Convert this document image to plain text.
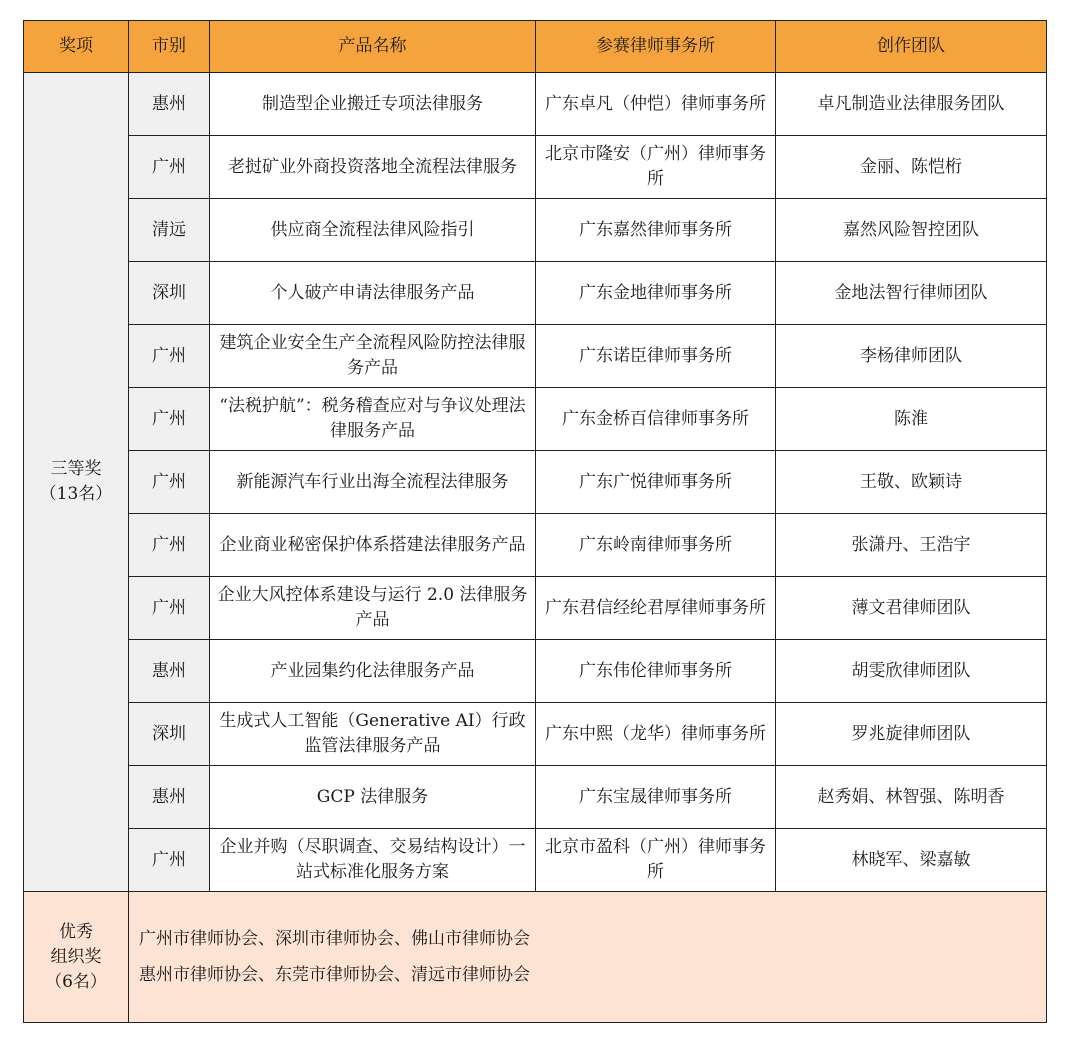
奖项	市别	产品名称	参赛律师事务所	创作团队

三等奖
（13名）	惠州	制造型企业搬迁专项法律服务	广东卓凡（仲恺）律师事务所	卓凡制造业法律服务团队
	广州	老挝矿业外商投资落地全流程法律服务	北京市隆安（广州）律师事务所	金丽、陈恺桁
	清远	供应商全流程法律风险指引	广东嘉然律师事务所	嘉然风险智控团队
	深圳	个人破产申请法律服务产品	广东金地律师事务所	金地法智行律师团队
	广州	建筑企业安全生产全流程风险防控法律服务产品	广东诺臣律师事务所	李杨律师团队
	广州	“法税护航”：税务稽查应对与争议处理法律服务产品	广东金桥百信律师事务所	陈淮
	广州	新能源汽车行业出海全流程法律服务	广东广悦律师事务所	王敬、欧颖诗
	广州	企业商业秘密保护体系搭建法律服务产品	广东岭南律师事务所	张潇丹、王浩宇
	广州	企业大风控体系建设与运行 2.0 法律服务产品	广东君信经纶君厚律师事务所	薄文君律师团队
	惠州	产业园集约化法律服务产品	广东伟伦律师事务所	胡雯欣律师团队
	深圳	生成式人工智能（Generative AI）行政监管法律服务产品	广东中熙（龙华）律师事务所	罗兆旋律师团队
	惠州	GCP 法律服务	广东宝晟律师事务所	赵秀娟、林智强、陈明香
	广州	企业并购（尽职调查、交易结构设计）一站式标准化服务方案	北京市盈科（广州）律师事务所	林晓军、梁嘉敏

优秀
组织奖
（6名）	广州市律师协会、深圳市律师协会、佛山市律师协会
惠州市律师协会、东莞市律师协会、清远市律师协会			
